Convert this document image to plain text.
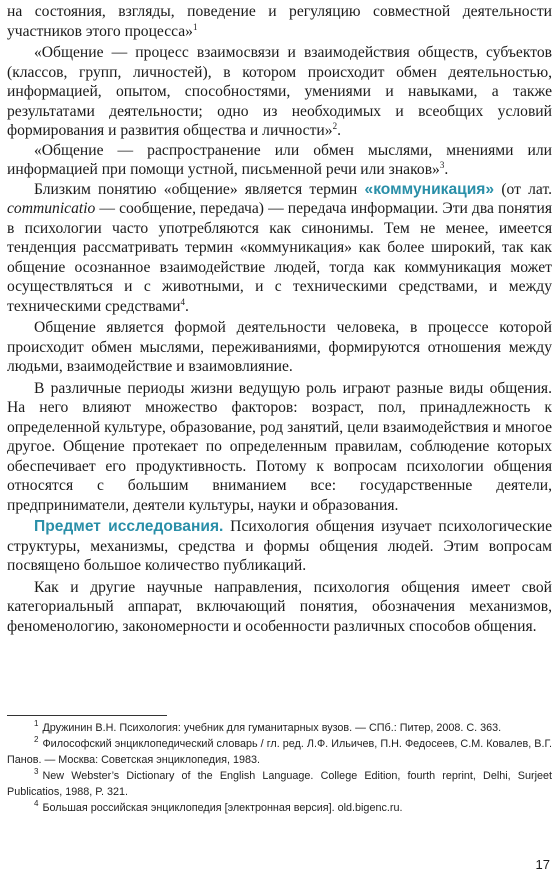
на состояния, взгляды, поведение и регуляцию совместной деятельности участников этого процесса»$^1$

«Общение — процесс взаимосвязи и взаимодействия обществ, субъектов (классов, групп, личностей), в котором происходит обмен деятельностью, информацией, опытом, способностями, умениями и навыками, а также результатами деятельности; одно из необходимых и всеобщих условий формирования и развития общества и личности»$^2$.

«Общение — распространение или обмен мыслями, мнениями или информацией при помощи устной, письменной речи или знаков»$^3$.

Близким понятию «общение» является термин «коммуникация» (от лат. communicatio — сообщение, передача) — передача информации. Эти два понятия в психологии часто употребляются как синонимы. Тем не менее, имеется тенденция рассматривать термин «коммуникация» как более широкий, так как общение осознанное взаимодействие людей, тогда как коммуникация может осуществляться и с животными, и с техническими средствами, и между техническими средствами$^4$.

Общение является формой деятельности человека, в процессе которой происходит обмен мыслями, переживаниями, формируются отношения между людьми, взаимодействие и взаимовлияние.

В различные периоды жизни ведущую роль играют разные виды общения. На него влияют множество факторов: возраст, пол, принадлежность к определенной культуре, образование, род занятий, цели взаимодействия и многое другое. Общение протекает по определенным правилам, соблюдение которых обеспечивает его продуктивность. Потому к вопросам психологии общения относятся с большим вниманием все: государственные деятели, предприниматели, деятели культуры, науки и образования.

Предмет исследования. Психология общения изучает психологические структуры, механизмы, средства и формы общения людей. Этим вопросам посвящено большое количество публикаций.

Как и другие научные направления, психология общения имеет свой категориальный аппарат, включающий понятия, обозначения механизмов, феноменологию, закономерности и особенности различных способов общения.

$^1$ Дружинин В.Н. Психология: учебник для гуманитарных вузов. — СПб.: Питер, 2008. С. 363.

$^2$ Философский энциклопедический словарь / гл. ред. Л.Ф. Ильичев, П.Н. Федосеев, С.М. Ковалев, В.Г. Панов. — Москва: Советская энциклопедия, 1983.

$^3$ New Webster’s Dictionary of the English Language. College Edition, fourth reprint, Delhi, Surjeet Publicatios, 1988, P. 321.

$^4$ Большая российская энциклопедия [электронная версия]. old.bigenc.ru.

17
